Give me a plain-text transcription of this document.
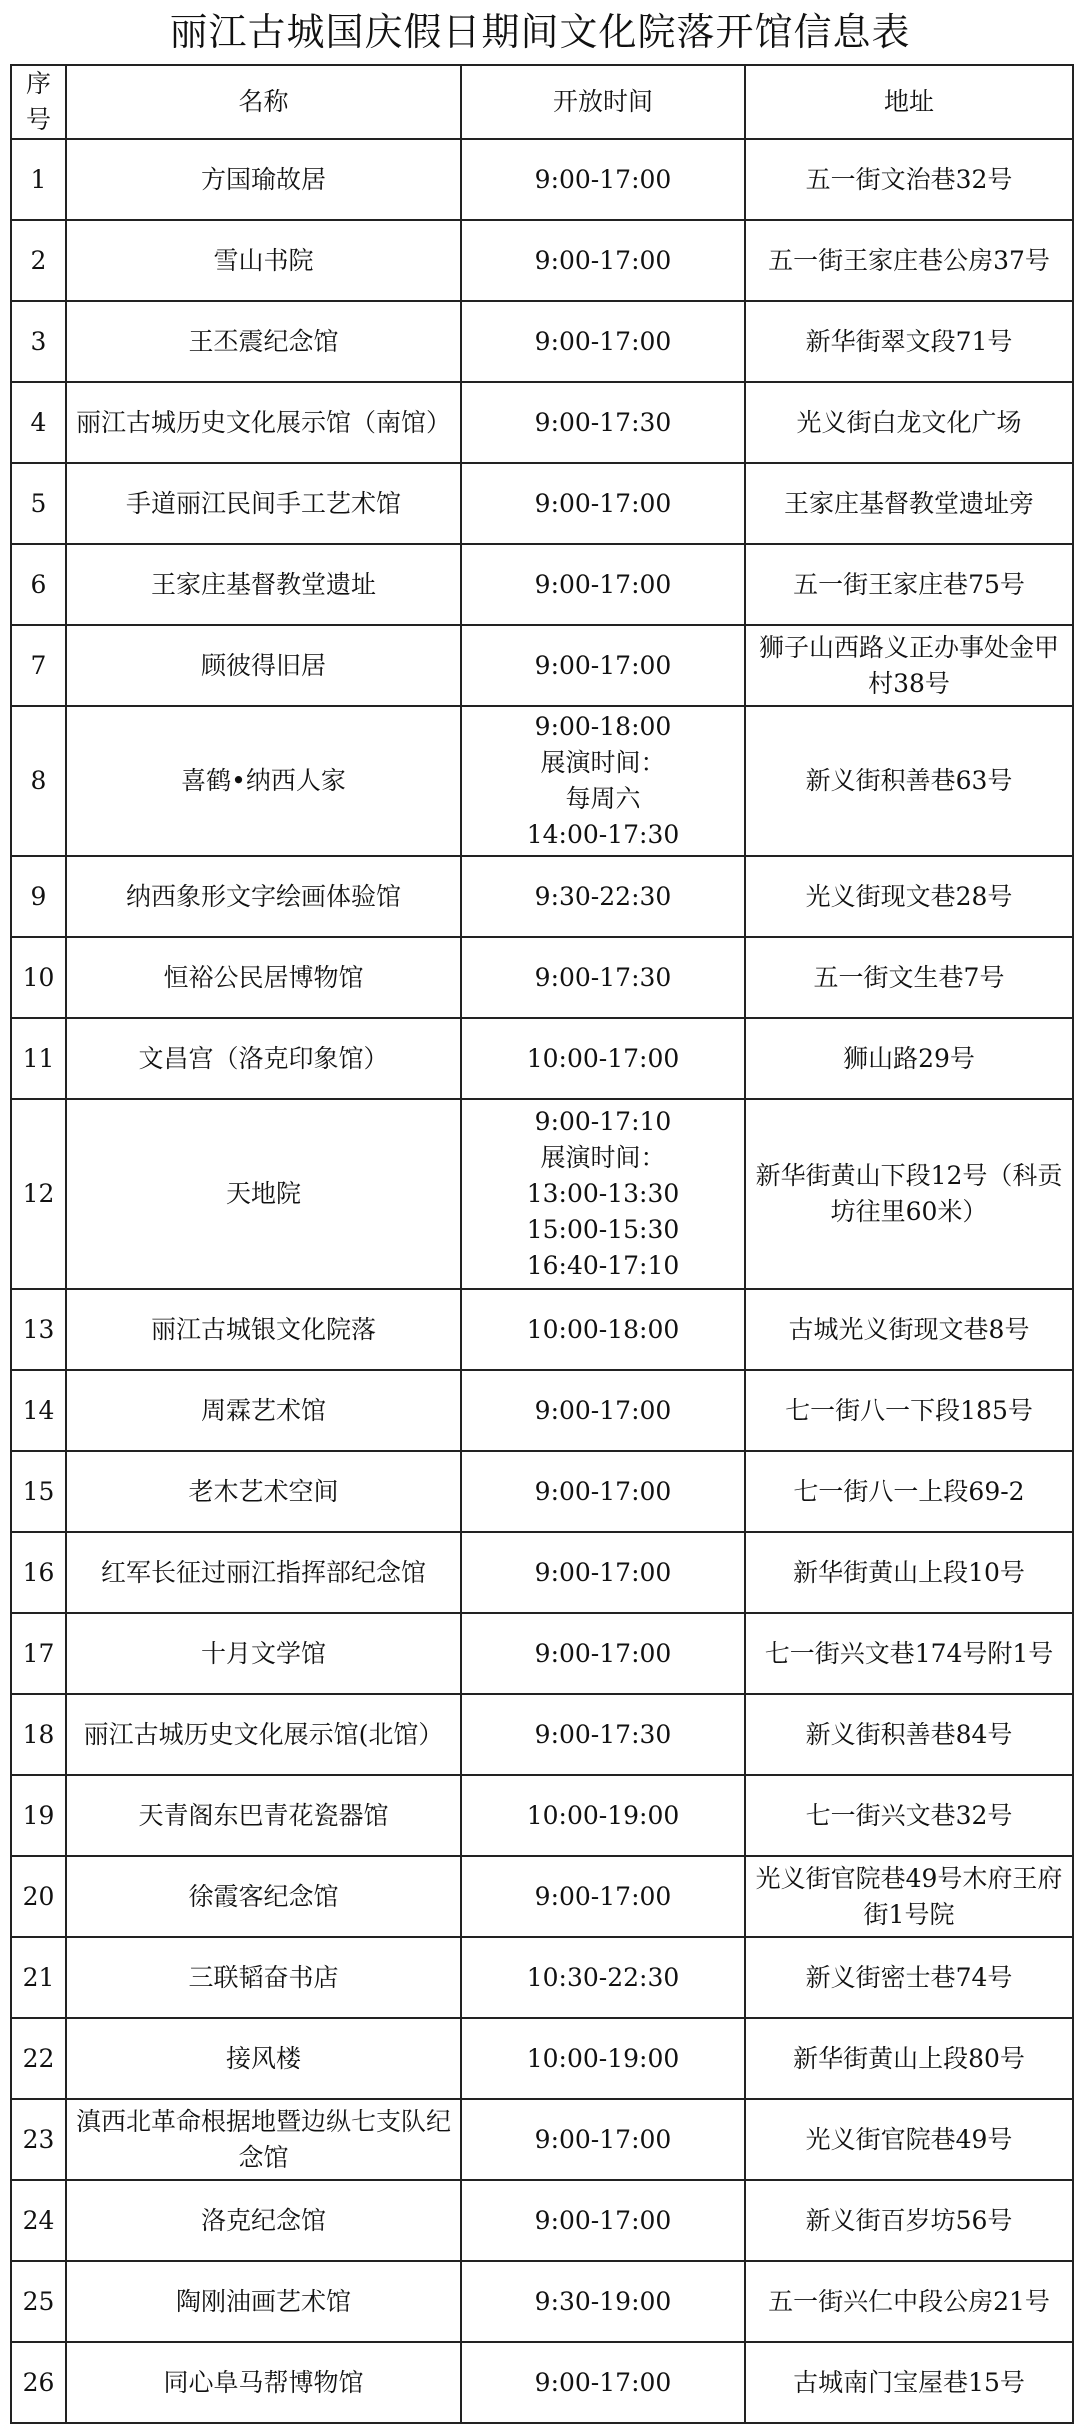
丽江古城国庆假日期间文化院落开馆信息表
序号	名称	开放时间	地址
1	方国瑜故居	9:00-17:00	五一街文治巷32号
2	雪山书院	9:00-17:00	五一街王家庄巷公房37号
3	王丕震纪念馆	9:00-17:00	新华街翠文段71号
4	丽江古城历史文化展示馆（南馆）	9:00-17:30	光义街白龙文化广场
5	手道丽江民间手工艺术馆	9:00-17:00	王家庄基督教堂遗址旁
6	王家庄基督教堂遗址	9:00-17:00	五一街王家庄巷75号
7	顾彼得旧居	9:00-17:00	狮子山西路义正办事处金甲村38号
8	喜鹤•纳西人家	9:00-18:00
展演时间：
每周六
14:00-17:30	新义街积善巷63号
9	纳西象形文字绘画体验馆	9:30-22:30	光义街现文巷28号
10	恒裕公民居博物馆	9:00-17:30	五一街文生巷7号
11	文昌宫（洛克印象馆）	10:00-17:00	狮山路29号
12	天地院	9:00-17:10
展演时间：
13:00-13:30
15:00-15:30
16:40-17:10	新华街黄山下段12号（科贡坊往里60米）
13	丽江古城银文化院落	10:00-18:00	古城光义街现文巷8号
14	周霖艺术馆	9:00-17:00	七一街八一下段185号
15	老木艺术空间	9:00-17:00	七一街八一上段69-2
16	红军长征过丽江指挥部纪念馆	9:00-17:00	新华街黄山上段10号
17	十月文学馆	9:00-17:00	七一街兴文巷174号附1号
18	丽江古城历史文化展示馆(北馆）	9:00-17:30	新义街积善巷84号
19	天青阁东巴青花瓷器馆	10:00-19:00	七一街兴文巷32号
20	徐霞客纪念馆	9:00-17:00	光义街官院巷49号木府王府街1号院
21	三联韬奋书店	10:30-22:30	新义街密士巷74号
22	接风楼	10:00-19:00	新华街黄山上段80号
23	滇西北革命根据地暨边纵七支队纪念馆	9:00-17:00	光义街官院巷49号
24	洛克纪念馆	9:00-17:00	新义街百岁坊56号
25	陶刚油画艺术馆	9:30-19:00	五一街兴仁中段公房21号
26	同心阜马帮博物馆	9:00-17:00	古城南门宝屋巷15号
